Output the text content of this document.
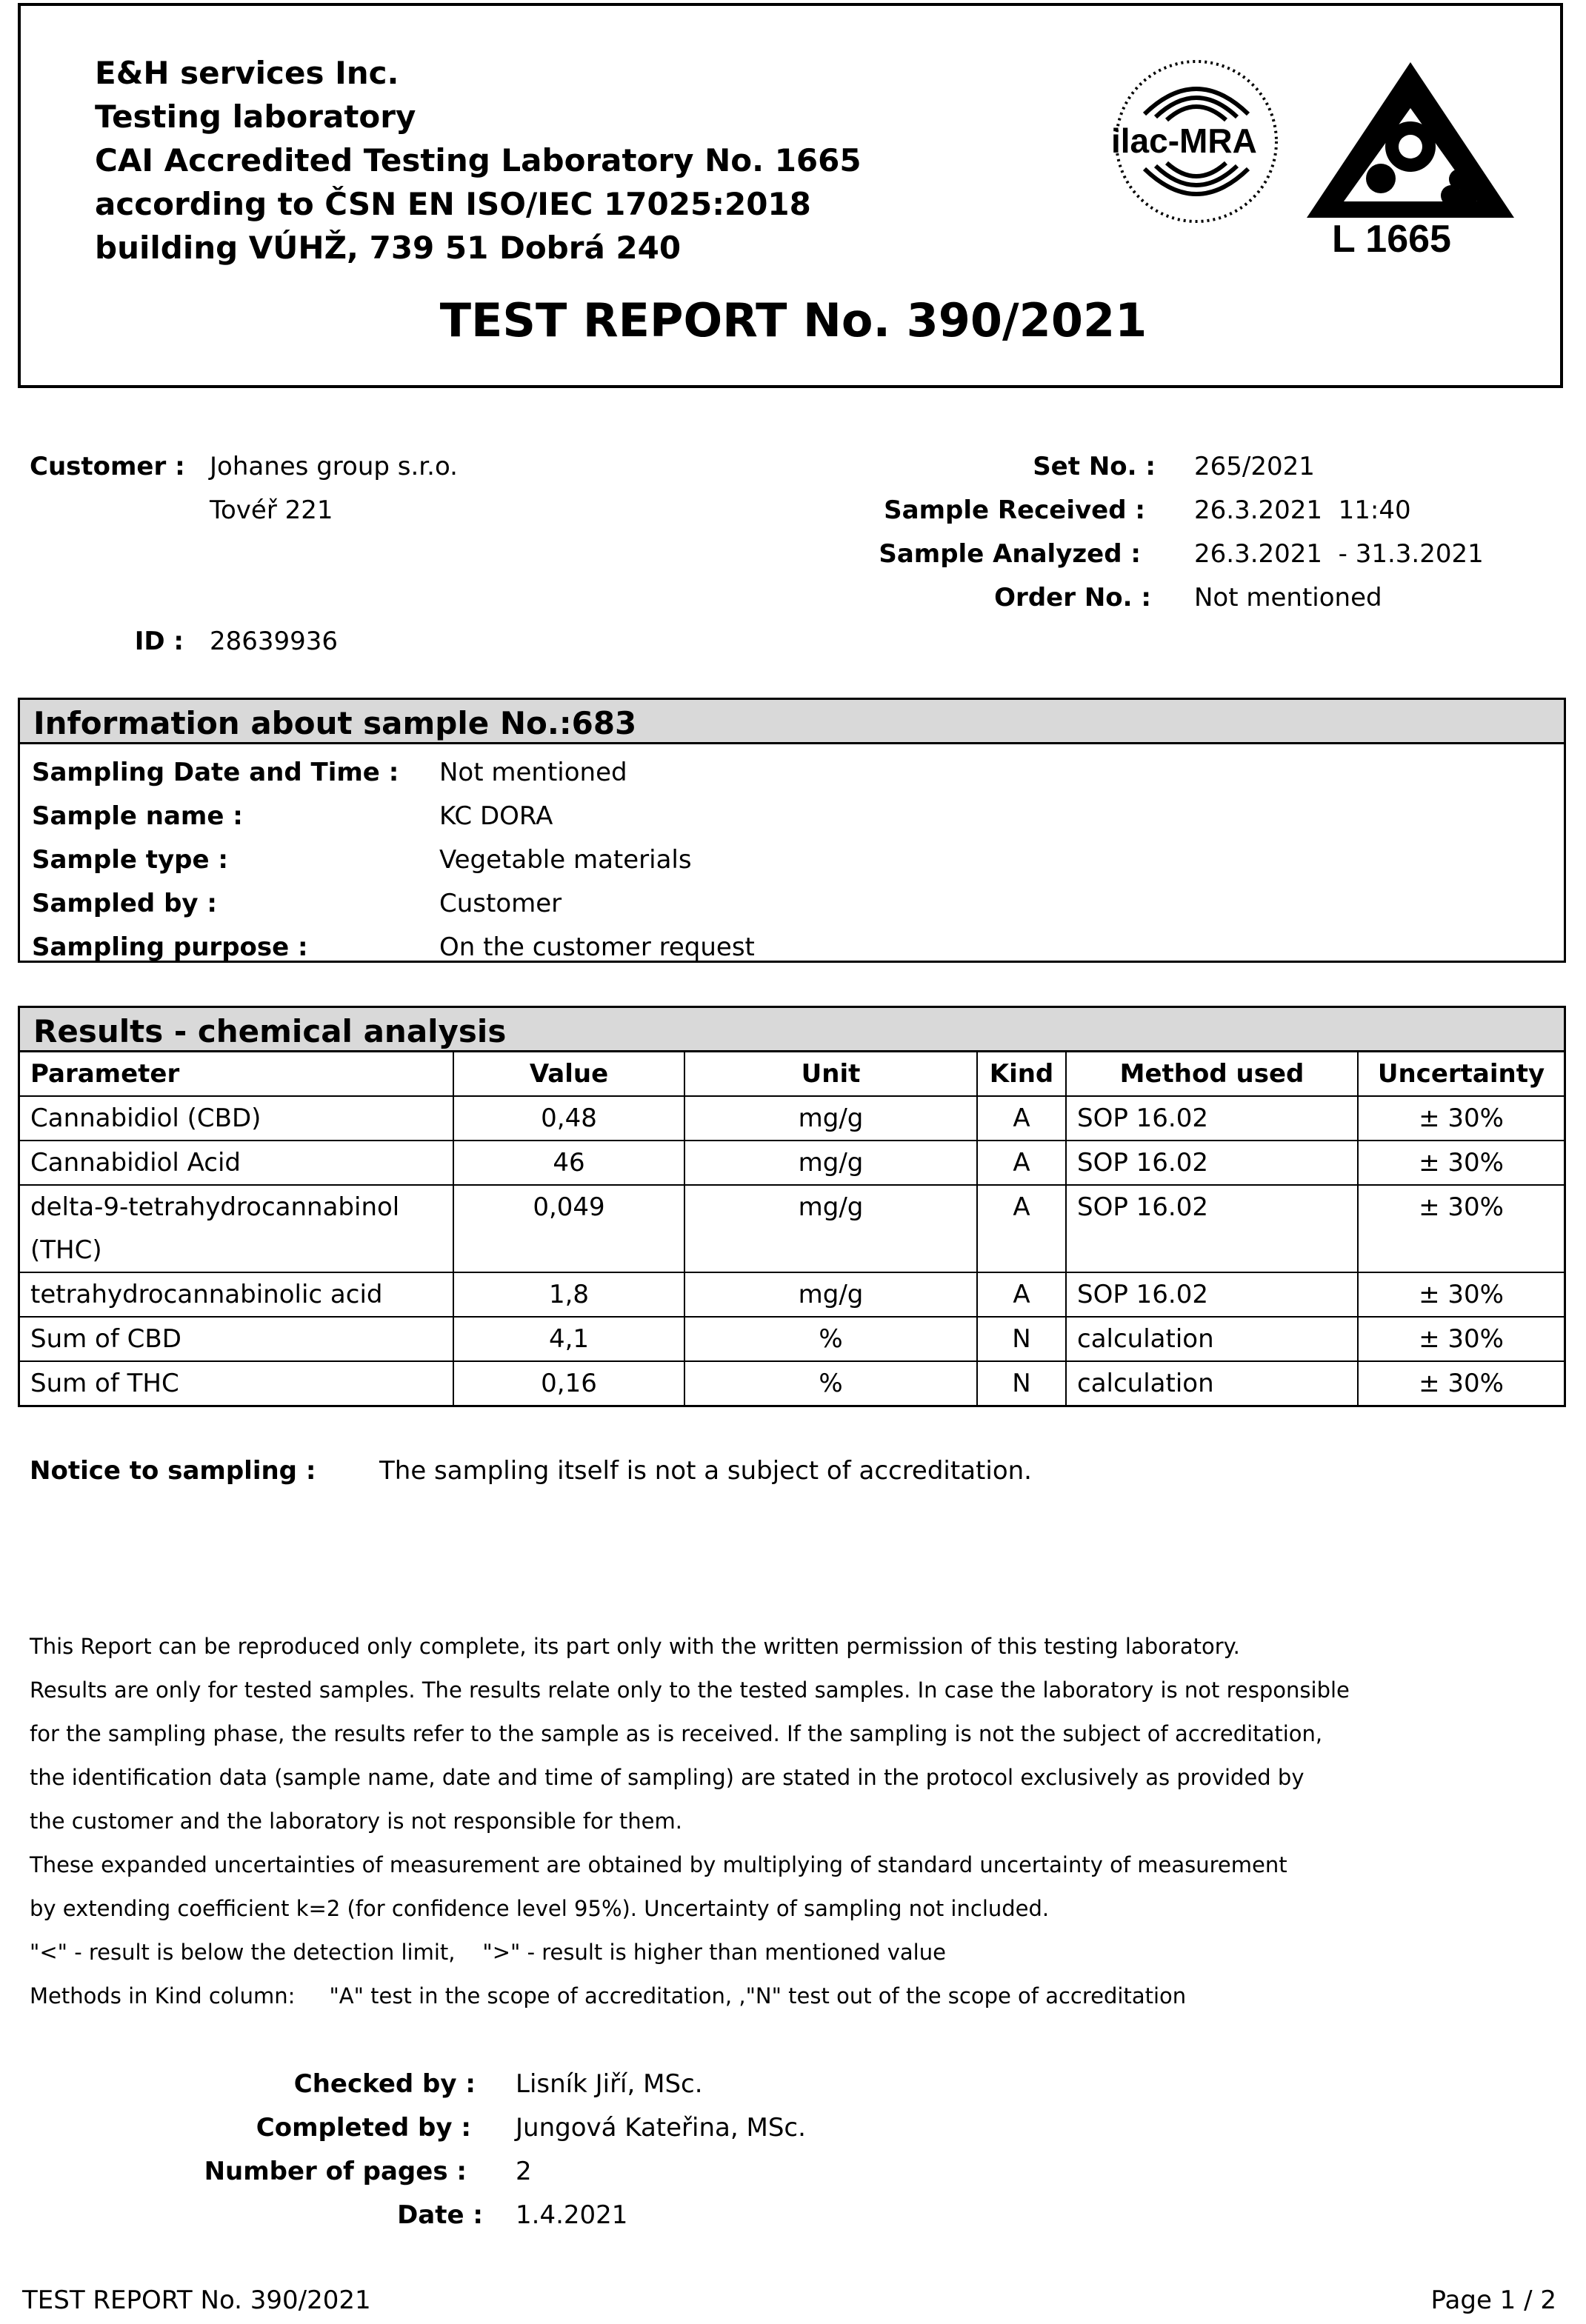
E&H services Inc.
Testing laboratory
CAI Accredited Testing Laboratory No. 1665
according to ČSN EN ISO/IEC 17025:2018
building VÚHŽ, 739 51 Dobrá 240
ilac-MRA
L 1665
TEST REPORT No. 390/2021
Customer : Johanes group s.r.o.
Tovéř 221
ID : 28639936
Set No. : 265/2021
Sample Received : 26.3.2021  11:40
Sample Analyzed : 26.3.2021  - 31.3.2021
Order No. : Not mentioned
Information about sample No.:683
Sampling Date and Time : Not mentioned
Sample name :	KC DORA
Sample type :	Vegetable materials
Sampled by :	Customer
Sampling purpose :	On the customer request
Results - chemical analysis
Parameter	Value	Unit	Kind	Method used	Uncertainty
Cannabidiol (CBD)	0,48	mg/g	A	SOP 16.02	± 30%
Cannabidiol Acid	46	mg/g	A	SOP 16.02	± 30%
delta-9-tetrahydrocannabinol (THC)	0,049	mg/g	A	SOP 16.02	± 30%
tetrahydrocannabinolic acid	1,8	mg/g	A	SOP 16.02	± 30%
Sum of CBD	4,1	%	N	calculation	± 30%
Sum of THC	0,16	%	N	calculation	± 30%
Notice to sampling :	The sampling itself is not a subject of accreditation.
This Report can be reproduced only complete, its part only with the written permission of this testing laboratory.
Results are only for tested samples. The results relate only to the tested samples. In case the laboratory is not responsible
for the sampling phase, the results refer to the sample as is received. If the sampling is not the subject of accreditation,
the identification data (sample name, date and time of sampling) are stated in the protocol exclusively as provided by
the customer and the laboratory is not responsible for them.
These expanded uncertainties of measurement are obtained by multiplying of standard uncertainty of measurement
by extending coefficient k=2 (for confidence level 95%). Uncertainty of sampling not included.
"<" - result is below the detection limit,    ">" - result is higher than mentioned value
Methods in Kind column:     "A" test in the scope of accreditation, ,"N" test out of the scope of accreditation
Checked by : Lisník Jiří, MSc.
Completed by : Jungová Kateřina, MSc.
Number of pages : 2
Date : 1.4.2021
TEST REPORT No. 390/2021	Page 1 / 2
